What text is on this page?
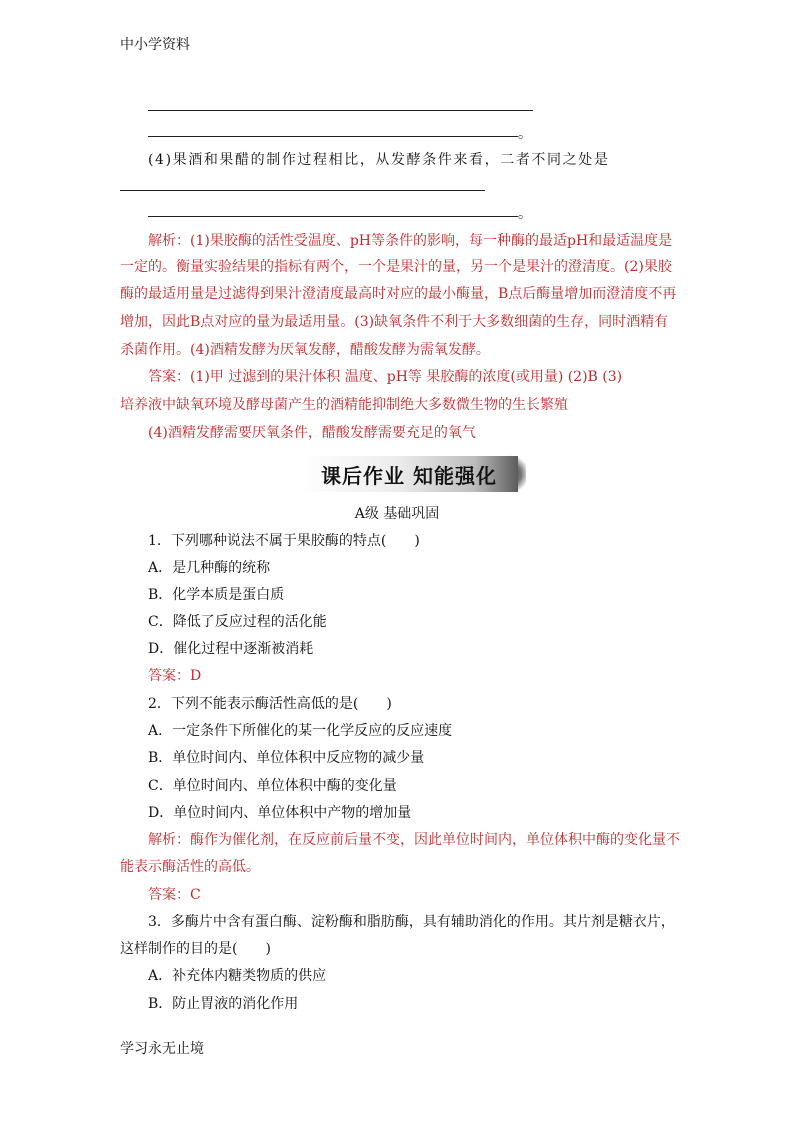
中小学资料
。
(4)果酒和果醋的制作过程相比，从发酵条件来看，二者不同之处是
。
解析：(1)果胶酶的活性受温度、pH等条件的影响，每一种酶的最适pH和最适温度是
一定的。衡量实验结果的指标有两个，一个是果汁的量，另一个是果汁的澄清度。(2)果胶
酶的最适用量是过滤得到果汁澄清度最高时对应的最小酶量，B点后酶量增加而澄清度不再
增加，因此B点对应的量为最适用量。(3)缺氧条件不利于大多数细菌的生存，同时酒精有
杀菌作用。(4)酒精发酵为厌氧发酵，醋酸发酵为需氧发酵。
答案：(1)甲 过滤到的果汁体积 温度、pH等 果胶酶的浓度(或用量) (2)B (3)
培养液中缺氧环境及酵母菌产生的酒精能抑制绝大多数微生物的生长繁殖
(4)酒精发酵需要厌氧条件，醋酸发酵需要充足的氧气
课后作业 知能强化
A级 基础巩固
1．下列哪种说法不属于果胶酶的特点(　　)
A．是几种酶的统称
B．化学本质是蛋白质
C．降低了反应过程的活化能
D．催化过程中逐渐被消耗
答案：D
2．下列不能表示酶活性高低的是(　　)
A．一定条件下所催化的某一化学反应的反应速度
B．单位时间内、单位体积中反应物的减少量
C．单位时间内、单位体积中酶的变化量
D．单位时间内、单位体积中产物的增加量
解析：酶作为催化剂，在反应前后量不变，因此单位时间内，单位体积中酶的变化量不
能表示酶活性的高低。
答案：C
3．多酶片中含有蛋白酶、淀粉酶和脂肪酶，具有辅助消化的作用。其片剂是糖衣片，
这样制作的目的是(　　)
A．补充体内糖类物质的供应
B．防止胃液的消化作用
学习永无止境
